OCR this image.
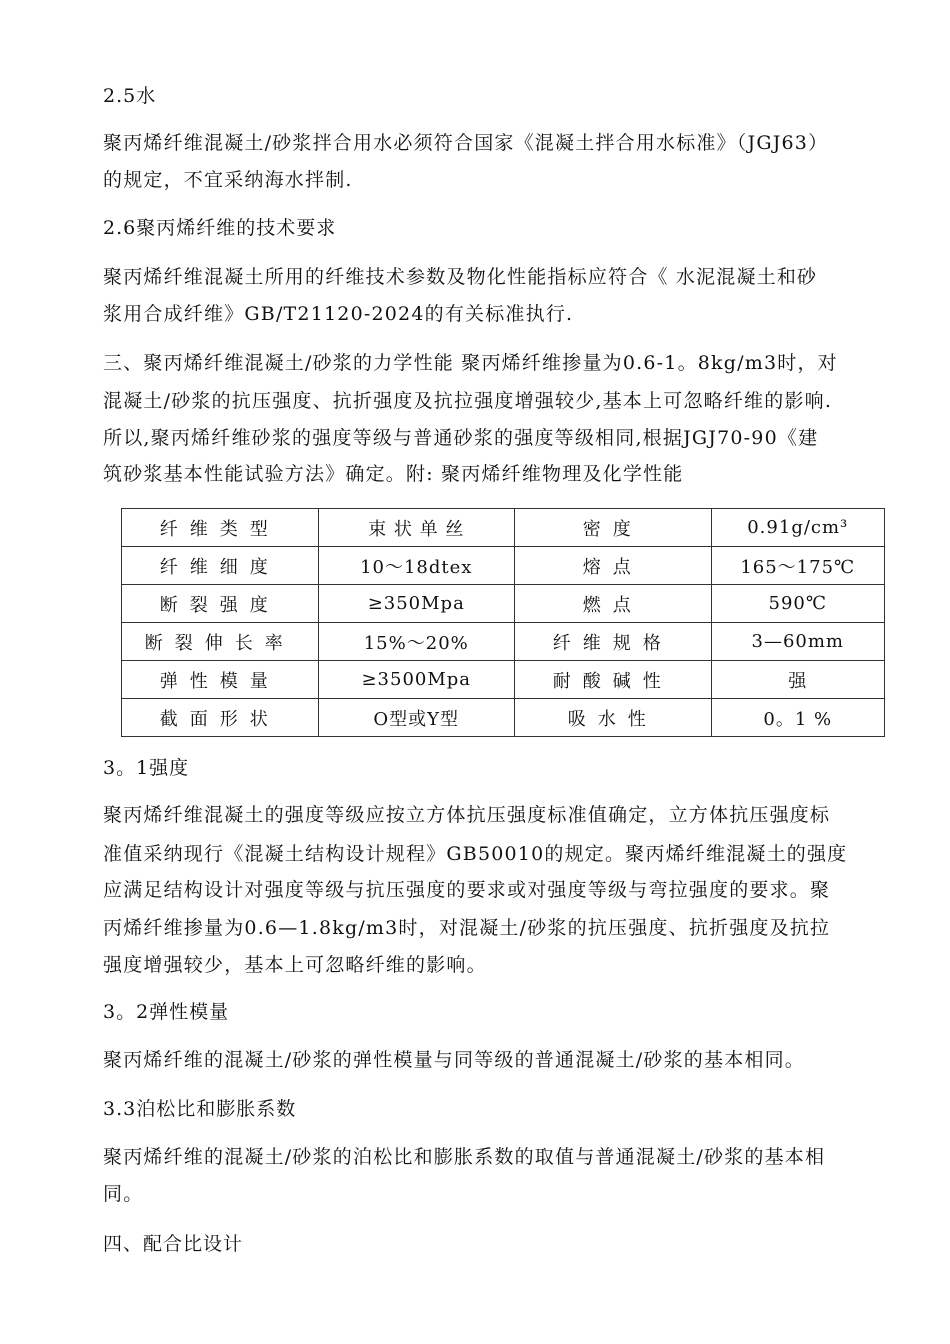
2.5水
聚丙烯纤维混凝土/砂浆拌合用水必须符合国家《混凝土拌合用水标准》（JGJ63）
的规定，不宜采纳海水拌制.
2.6聚丙烯纤维的技术要求
聚丙烯纤维混凝土所用的纤维技术参数及物化性能指标应符合《 水泥混凝土和砂
浆用合成纤维》GB/T21120-2024的有关标准执行.
三、聚丙烯纤维混凝土/砂浆的力学性能 聚丙烯纤维掺量为0.6-1。8kg/m3时，对
混凝土/砂浆的抗压强度、抗折强度及抗拉强度增强较少,基本上可忽略纤维的影响.
所以,聚丙烯纤维砂浆的强度等级与普通砂浆的强度等级相同,根据JGJ70-90《建
筑砂浆基本性能试验方法》确定。附: 聚丙烯纤维物理及化学性能
纤维类型	束 状 单 丝	密度	0.91g/cm³
纤维细度	10～18dtex	熔点	165～175℃
断裂强度	≥350Mpa	燃点	590℃
断裂伸长率	15%～20%	纤维规格	3—60mm
弹性模量	≥3500Mpa	耐酸碱性	强
截面形状	O型或Y型	吸水性	0。1 %
3。1强度
聚丙烯纤维混凝土的强度等级应按立方体抗压强度标准值确定，立方体抗压强度标
准值采纳现行《混凝土结构设计规程》GB50010的规定。聚丙烯纤维混凝土的强度
应满足结构设计对强度等级与抗压强度的要求或对强度等级与弯拉强度的要求。聚
丙烯纤维掺量为0.6—1.8kg/m3时，对混凝土/砂浆的抗压强度、抗折强度及抗拉
强度增强较少，基本上可忽略纤维的影响。
3。2弹性模量
聚丙烯纤维的混凝土/砂浆的弹性模量与同等级的普通混凝土/砂浆的基本相同。
3.3泊松比和膨胀系数
聚丙烯纤维的混凝土/砂浆的泊松比和膨胀系数的取值与普通混凝土/砂浆的基本相
同。
四、配合比设计
